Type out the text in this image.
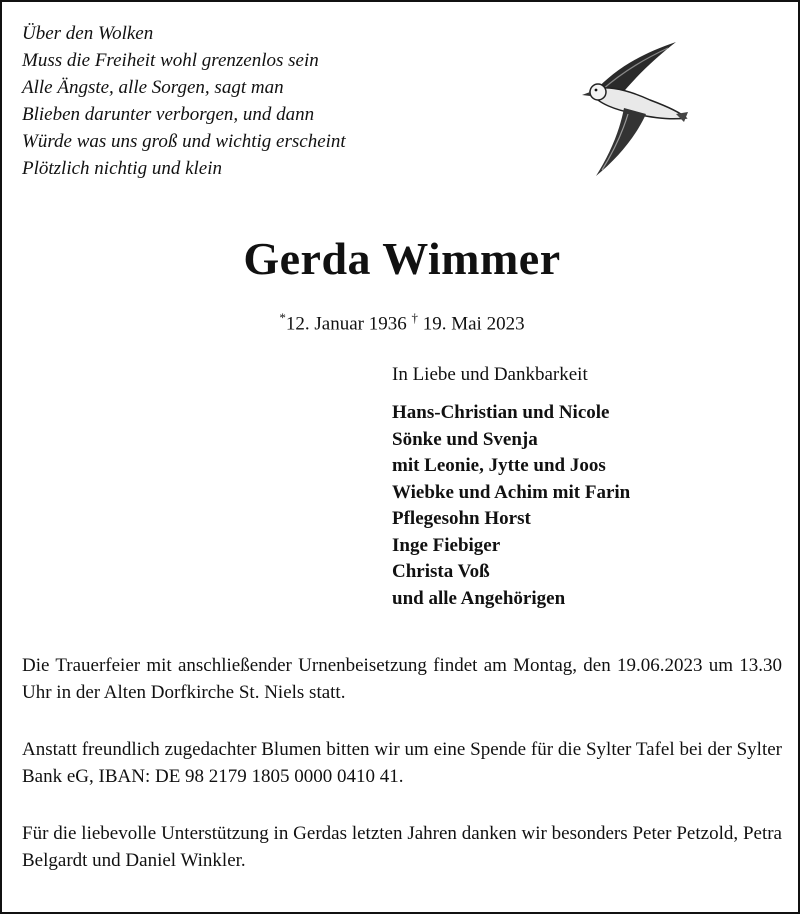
Über den Wolken
Muss die Freiheit wohl grenzenlos sein
Alle Ängste, alle Sorgen, sagt man
Blieben darunter verborgen, und dann
Würde was uns groß und wichtig erscheint
Plötzlich nichtig und klein
Gerda Wimmer
*12. Januar 1936 † 19. Mai 2023
In Liebe und Dankbarkeit
Hans-Christian und Nicole
Sönke und Svenja
mit Leonie, Jytte und Joos
Wiebke und Achim mit Farin
Pflegesohn Horst
Inge Fiebiger
Christa Voß
und alle Angehörigen
Die Trauerfeier mit anschließender Urnenbeisetzung findet am Montag, den 19.06.2023 um 13.30 Uhr in der Alten Dorfkirche St. Niels statt.
Anstatt freundlich zugedachter Blumen bitten wir um eine Spende für die Sylter Tafel bei der Sylter Bank eG, IBAN: DE 98 2179 1805 0000 0410 41.
Für die liebevolle Unterstützung in Gerdas letzten Jahren danken wir besonders Peter Petzold, Petra Belgardt und Daniel Winkler.
